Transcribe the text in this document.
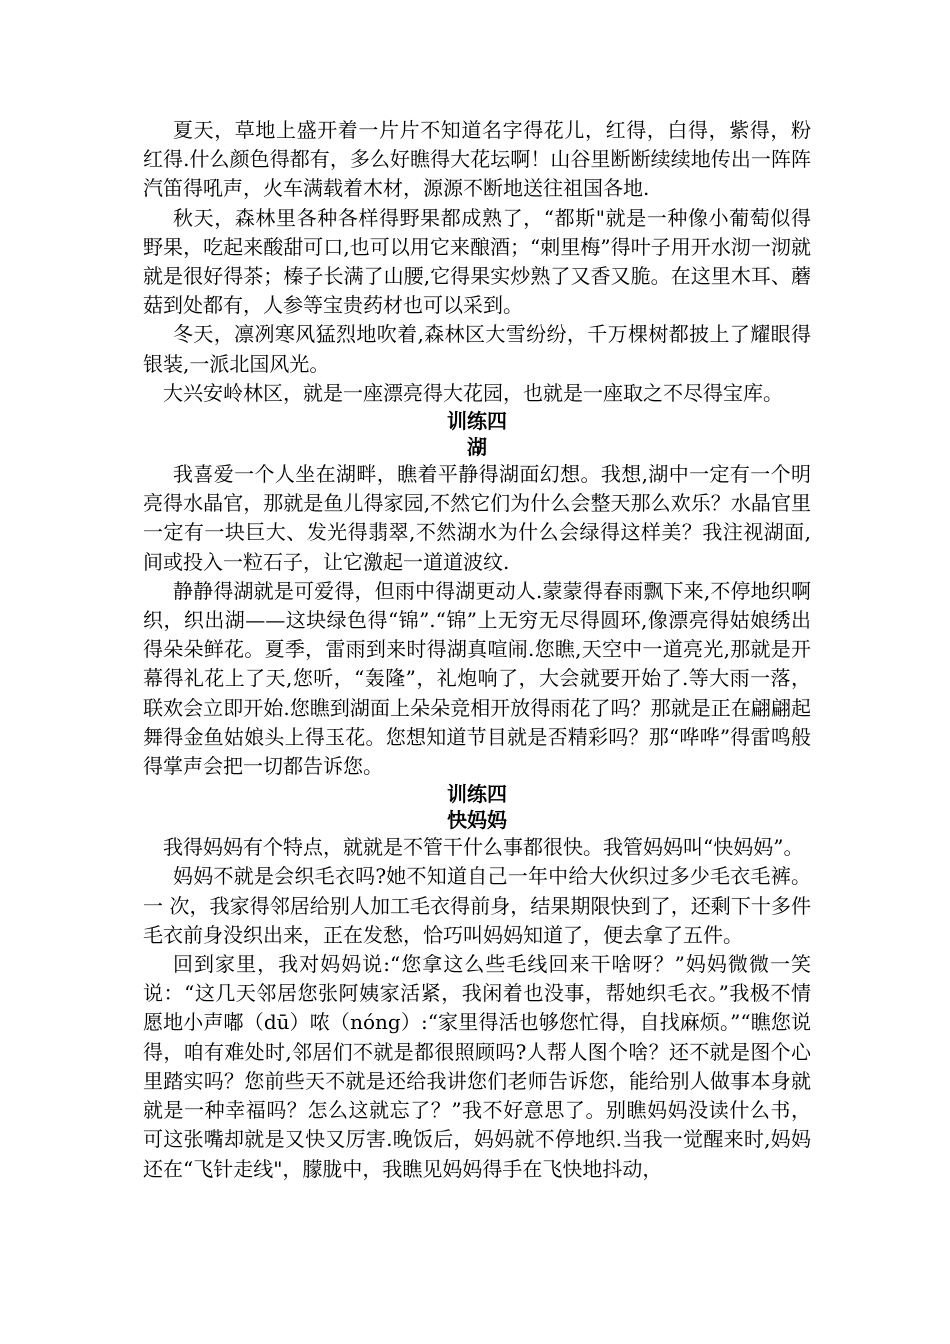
夏天，草地上盛开着一片片不知道名字得花儿，红得，白得，紫得，粉红得.什么颜色得都有，多么好瞧得大花坛啊！山谷里断断续续地传出一阵阵汽笛得吼声，火车满载着木材，源源不断地送往祖国各地.

秋天，森林里各种各样得野果都成熟了，“都斯"就是一种像小葡萄似得野果，吃起来酸甜可口,也可以用它来酿酒；“刺里梅”得叶子用开水沏一沏就就是很好得茶；榛子长满了山腰,它得果实炒熟了又香又脆。在这里木耳、蘑菇到处都有，人参等宝贵药材也可以采到。

冬天，凛冽寒风猛烈地吹着,森林区大雪纷纷，千万棵树都披上了耀眼得银装,一派北国风光。

大兴安岭林区，就是一座漂亮得大花园，也就是一座取之不尽得宝库。

训练四
湖

我喜爱一个人坐在湖畔，瞧着平静得湖面幻想。我想,湖中一定有一个明亮得水晶官，那就是鱼儿得家园,不然它们为什么会整天那么欢乐？水晶官里一定有一块巨大、发光得翡翠,不然湖水为什么会绿得这样美？我注视湖面,间或投入一粒石子，让它激起一道道波纹.

静静得湖就是可爱得，但雨中得湖更动人.蒙蒙得春雨飘下来,不停地织啊织，织出湖——这块绿色得“锦”.“锦”上无穷无尽得圆环,像漂亮得姑娘绣出得朵朵鲜花。夏季，雷雨到来时得湖真喧闹.您瞧,天空中一道亮光,那就是开幕得礼花上了天,您听，“轰隆”，礼炮响了，大会就要开始了.等大雨一落，联欢会立即开始.您瞧到湖面上朵朵竞相开放得雨花了吗？那就是正在翩翩起舞得金鱼姑娘头上得玉花。您想知道节目就是否精彩吗？那“哗哗”得雷鸣般得掌声会把一切都告诉您。

训练四
快妈妈

我得妈妈有个特点，就就是不管干什么事都很快。我管妈妈叫“快妈妈”。

妈妈不就是会织毛衣吗?她不知道自己一年中给大伙织过多少毛衣毛裤。一 次，我家得邻居给别人加工毛衣得前身，结果期限快到了，还剩下十多件毛衣前身没织出来，正在发愁，恰巧叫妈妈知道了，便去拿了五件。

回到家里，我对妈妈说:“您拿这么些毛线回来干啥呀？”妈妈微微一笑说：“这几天邻居您张阿姨家活紧，我闲着也没事，帮她织毛衣。”我极不情愿地小声嘟（dū）哝（nóng）:“家里得活也够您忙得，自找麻烦。”“瞧您说得，咱有难处时,邻居们不就是都很照顾吗?人帮人图个啥？还不就是图个心里踏实吗？您前些天不就是还给我讲您们老师告诉您，能给别人做事本身就就是一种幸福吗？怎么这就忘了？”我不好意思了。别瞧妈妈没读什么书，可这张嘴却就是又快又厉害.晚饭后，妈妈就不停地织.当我一觉醒来时,妈妈还在“飞针走线"，朦胧中，我瞧见妈妈得手在飞快地抖动，
